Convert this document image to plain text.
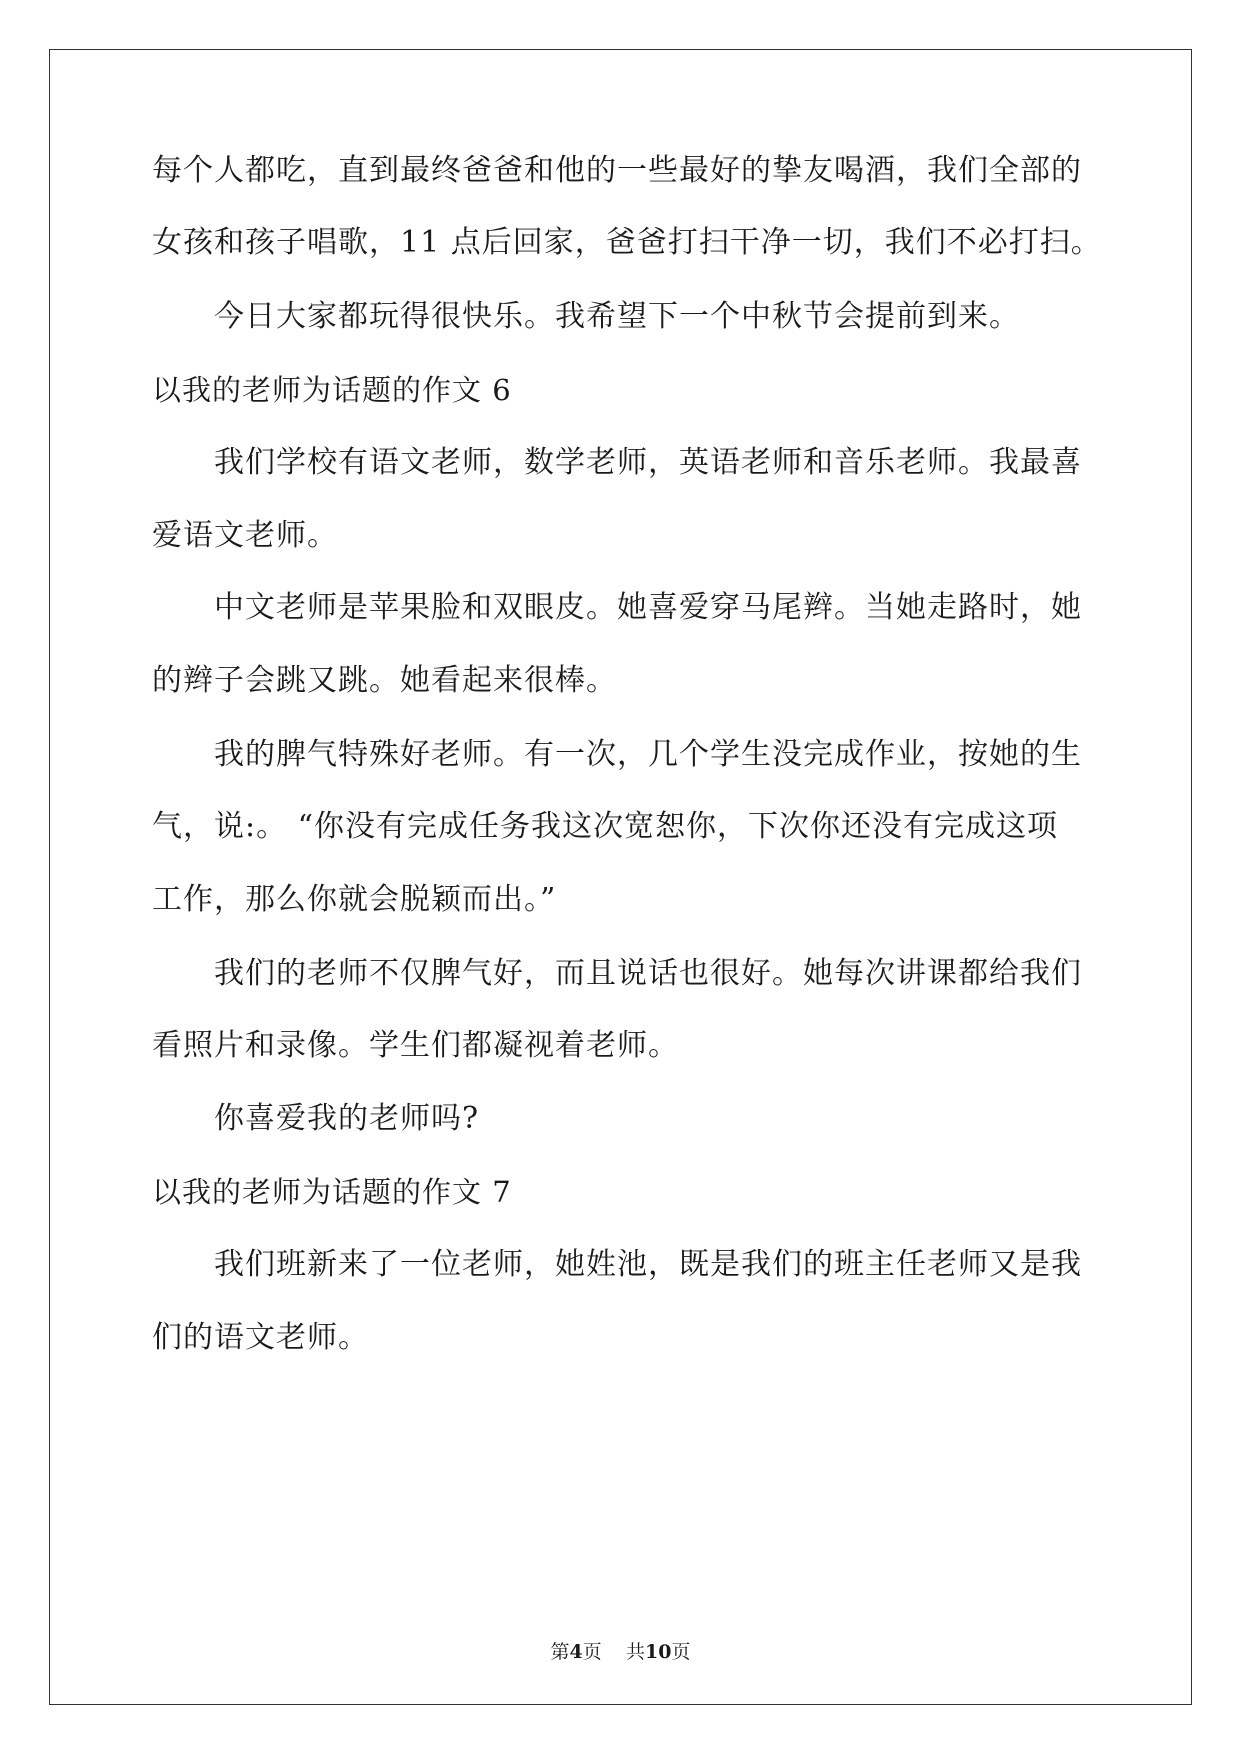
每个人都吃，直到最终爸爸和他的一些最好的挚友喝酒，我们全部的
女孩和孩子唱歌，11 点后回家，爸爸打扫干净一切，我们不必打扫。
今日大家都玩得很快乐。我希望下一个中秋节会提前到来。
以我的老师为话题的作文 6
我们学校有语文老师，数学老师，英语老师和音乐老师。我最喜
爱语文老师。
中文老师是苹果脸和双眼皮。她喜爱穿马尾辫。当她走路时，她
的辫子会跳又跳。她看起来很棒。
我的脾气特殊好老师。有一次，几个学生没完成作业，按她的生
气，说:。 “你没有完成任务我这次宽恕你，下次你还没有完成这项
工作，那么你就会脱颖而出。”
我们的老师不仅脾气好，而且说话也很好。她每次讲课都给我们
看照片和录像。学生们都凝视着老师。
你喜爱我的老师吗?
以我的老师为话题的作文 7
我们班新来了一位老师，她姓池，既是我们的班主任老师又是我
们的语文老师。
第4页 共10页
